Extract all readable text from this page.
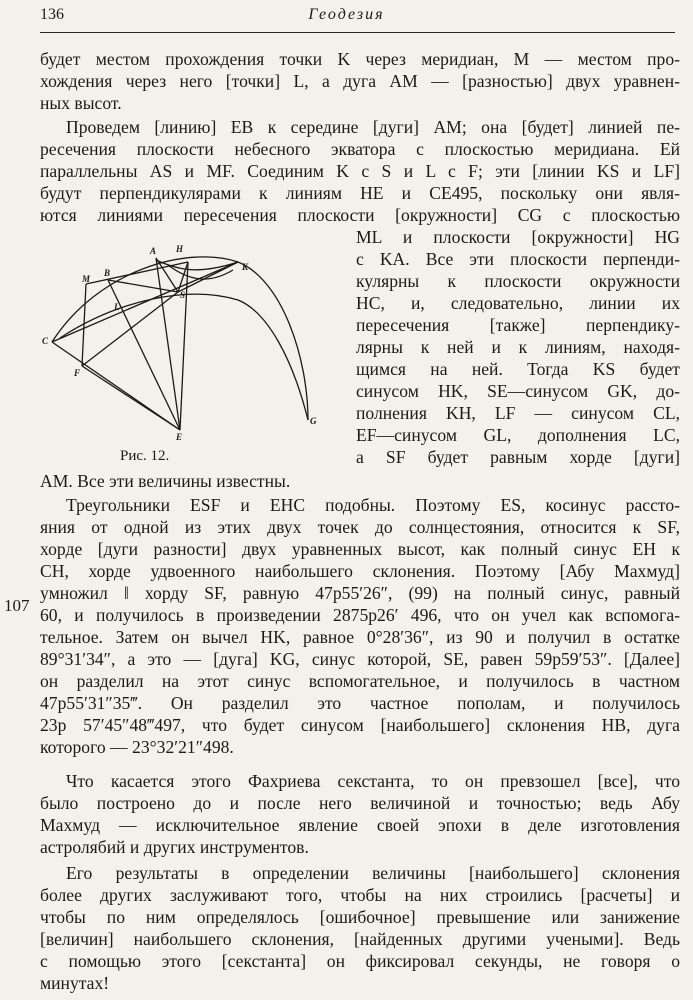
136	Геодезия
будет местом прохождения точки K через меридиан, M — местом про-
хождения через него [точки] L, а дуга AM — [разностью] двух уравнен-
ных высот.
Проведем [линию] EB к середине [дуги] AM; она [будет] линией пе-
ресечения плоскости небесного экватора с плоскостью меридиана. Ей
параллельны AS и MF. Соединим K с S и L с F; эти [линии KS и LF]
будут перпендикулярами к линиям HE и CE495, поскольку они явля-
ются линиями пересечения плоскости [окружности] CG с плоскостью
ML и плоскости [окружности] HG
с KA. Все эти плоскости перпенди-
кулярны к плоскости окружности
HC, и, следовательно, линии их
пересечения [также] перпендику-
лярны к ней и к линиям, находя-
щимся на ней. Тогда KS будет
синусом HK, SE—синусом GK, до-
полнения KH, LF — синусом CL,
EF—синусом GL, дополнения LC,
а SF будет равным хорде [дуги]
AM. Все эти величины известны.
Треугольники ESF и EHC подобны. Поэтому ES, косинус рассто-
яния от одной из этих двух точек до солнцестояния, относится к SF,
хорде [дуги разности] двух уравненных высот, как полный синус EH к
CH, хорде удвоенного наибольшего склонения. Поэтому [Абу Махмуд]
умножил ‖ хорду SF, равную 47p55′26″, (99) на полный синус, равный
60, и получилось в произведении 2875p26′ 496, что он учел как вспомога-
тельное. Затем он вычел HK, равное 0°28′36″, из 90 и получил в остатке
89°31′34″, а это — [дуга] KG, синус которой, SE, равен 59p59′53″. [Далее]
он разделил на этот синус вспомогательное, и получилось в частном
47p55′31″35‴. Он разделил это частное пополам, и получилось
23p 57′45″48‴497, что будет синусом [наибольшего] склонения HB, дуга
которого — 23°32′21″498.
Что касается этого Фахриева секстанта, то он превзошел [все], что
было построено до и после него величиной и точностью; ведь Абу
Махмуд — исключительное явление своей эпохи в деле изготовления
астролябий и других инструментов.
Его результаты в определении величины [наибольшего] склонения
более других заслуживают того, чтобы на них строились [расчеты] и
чтобы по ним определялось [ошибочное] превышение или занижение
[величин] наибольшего склонения, [найденных другими учеными]. Ведь
с помощью этого [секстанта] он фиксировал секунды, не говоря о
минутах!
107
A H
K
B
M
L
S
C
F
E
G
Рис. 12.
